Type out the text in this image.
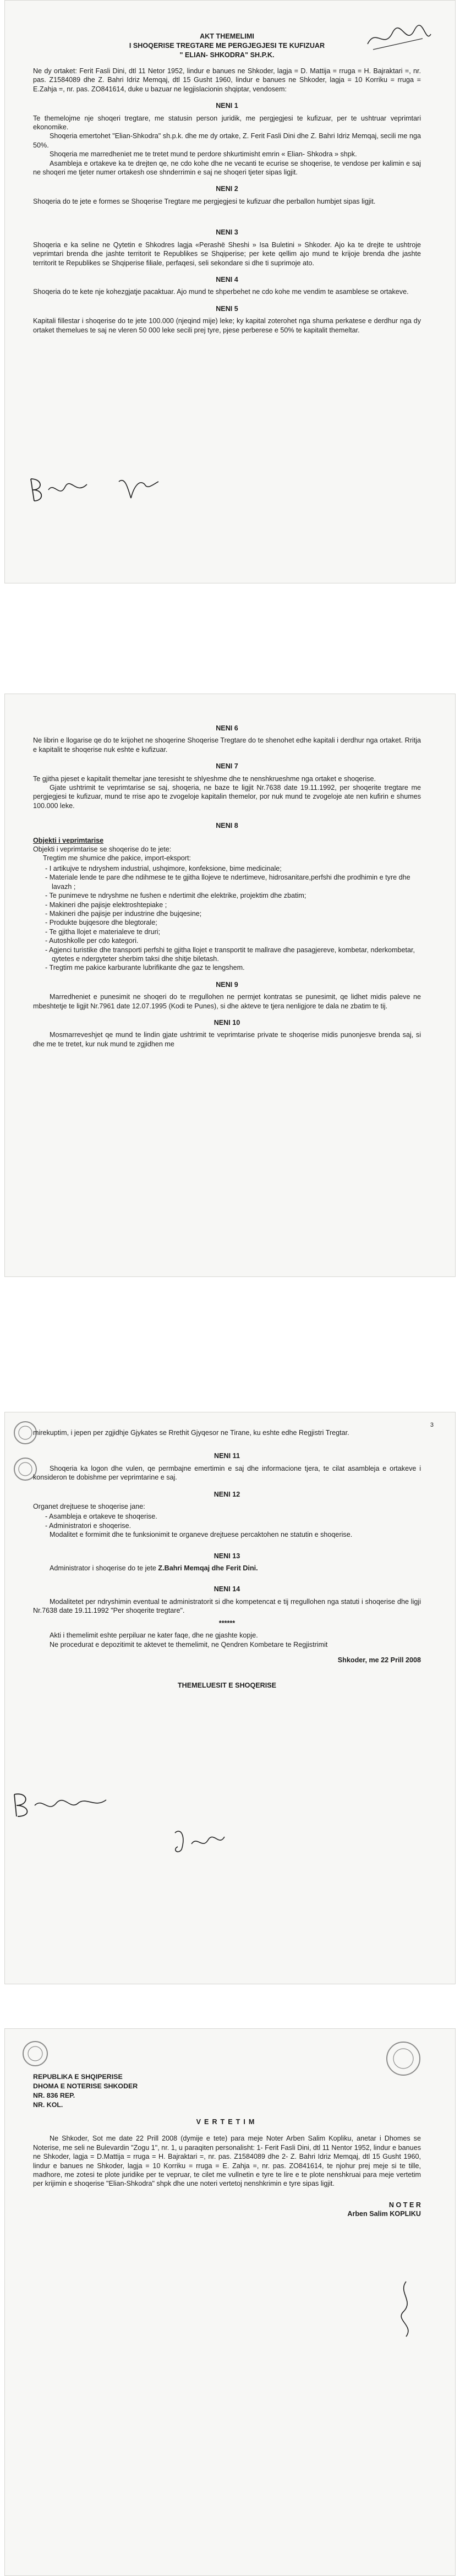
AKT THEMELIMI
I SHOQERISE TREGTARE ME PERGJEGJESI TE KUFIZUAR
" ELIAN- SHKODRA" SH.P.K.

Ne dy ortaket: Ferit Fasli Dini, dtl 11 Netor 1952, lindur e banues ne Shkoder, lagja = D. Mattija = rruga = H. Bajraktari =, nr. pas. Z1584089 dhe Z. Bahri Idriz Memqaj, dtl 15 Gusht 1960, lindur e banues ne Shkoder, lagja = 10 Korriku = rruga = E.Zahja =, nr. pas. ZO841614, duke u bazuar ne legjislacionin shqiptar, vendosem:

NENI 1

Te themelojme nje shoqeri tregtare, me statusin person juridik, me pergjegjesi te kufizuar, per te ushtruar veprimtari ekonomike.

Shoqeria emertohet "Elian-Shkodra" sh.p.k. dhe me dy ortake, Z. Ferit Fasli Dini dhe Z. Bahri Idriz Memqaj, secili me nga 50%.

Shoqeria me marredheniet me te tretet mund te perdore shkurtimisht emrin « Elian- Shkodra » shpk.

Asambleja e ortakeve ka te drejten qe, ne cdo kohe dhe ne vecanti te ecurise se shoqerise, te vendose per kalimin e saj ne shoqeri me tjeter numer ortakesh ose shnderrimin e saj ne shoqeri tjeter sipas ligjit.

NENI 2

Shoqeria do te jete e formes se Shoqerise Tregtare me pergjegjesi te kufizuar dhe perballon humbjet sipas ligjit.

NENI 3

Shoqeria e ka seline ne Qytetin e Shkodres lagja «Perashë Sheshi » Isa Buletini » Shkoder. Ajo ka te drejte te ushtroje veprimtari brenda dhe jashte territorit te Republikes se Shqiperise; per kete qellim ajo mund te krijoje brenda dhe jashte territorit te Republikes se Shqiperise filiale, perfaqesi, seli sekondare si dhe ti suprimoje ato.

NENI 4

Shoqeria do te kete nje kohezgjatje pacaktuar. Ajo mund te shperbehet ne cdo kohe me vendim te asamblese se ortakeve.

NENI 5

Kapitali fillestar i shoqerise do te jete 100.000 (njeqind mije) leke; ky kapital zoterohet nga shuma perkatese e derdhur nga dy ortaket themelues te saj ne vleren 50 000 leke secili prej tyre, pjese perberese e 50% te kapitalit themeltar.

NENI 6

Ne librin e llogarise qe do te krijohet ne shoqerine Shoqerise Tregtare do te shenohet edhe kapitali i derdhur nga ortaket. Rritja e kapitalit te shoqerise nuk eshte e kufizuar.

NENI 7

Te gjitha pjeset e kapitalit themeltar jane teresisht te shlyeshme dhe te nenshkrueshme nga ortaket e shoqerise.

Gjate ushtrimit te veprimtarise se saj, shoqeria, ne baze te ligjit Nr.7638 date 19.11.1992, per shoqerite tregtare me pergjegjesi te kufizuar, mund te rrise apo te zvogeloje kapitalin themelor, por nuk mund te zvogeloje ate nen kufirin e shumes 100.000 leke.

NENI 8
Objekti i veprimtarise

Objekti i veprimtarise se shoqerise do te jete:

Tregtim me shumice dhe pakice, import-eksport:

- I artikujve te ndryshem industrial, ushqimore, konfeksione, bime medicinale;
- Materiale lende te pare dhe ndihmese te te gjitha llojeve te ndertimeve, hidrosanitare,perfshi dhe prodhimin e tyre dhe lavazh ;
- Te punimeve te ndryshme ne fushen e ndertimit dhe elektrike, projektim dhe zbatim;
- Makineri dhe pajisje elektroshtepiake ;
- Makineri dhe pajisje per industrine dhe bujqesine;
- Produkte bujqesore dhe blegtorale;
- Te gjitha llojet e materialeve te druri;
- Autoshkolle per cdo kategori.
- Agjenci turistike dhe transporti perfshi te gjitha llojet e transportit te mallrave dhe pasagjereve, kombetar, nderkombetar, qytetes e ndergyteter sherbim taksi dhe shitje biletash.
- Tregtim me pakice karburante lubrifikante dhe gaz te lengshem.
NENI 9

Marredheniet e punesimit ne shoqeri do te rregullohen ne permjet kontratas se punesimit, qe lidhet midis paleve ne mbeshtetje te ligjit Nr.7961 date 12.07.1995 (Kodi te Punes), si dhe akteve te tjera nenligjore te dala ne zbatim te tij.

NENI 10

Mosmarreveshjet qe mund te lindin gjate ushtrimit te veprimtarise private te shoqerise midis punonjesve brenda saj, si dhe me te tretet, kur nuk mund te zgjidhen me

3

mirekuptim, i jepen per zgjidhje Gjykates se Rrethit Gjyqesor ne Tirane, ku eshte edhe Regjistri Tregtar.

NENI 11

Shoqeria ka logon dhe vulen, qe permbajne emertimin e saj dhe informacione tjera, te cilat asambleja e ortakeve i konsideron te dobishme per veprimtarine e saj.

NENI 12

Organet drejtuese te shoqerise jane:

- Asambleja e ortakeve te shoqerise.
- Administratori e shoqerise.

Modalitet e formimit dhe te funksionimit te organeve drejtuese percaktohen ne statutin e shoqerise.

NENI 13

Administrator i shoqerise do te jete Z.Bahri Memqaj dhe Ferit Dini.

NENI 14

Modalitetet per ndryshimin eventual te administratorit si dhe kompetencat e tij rregullohen nga statuti i shoqerise dhe ligji Nr.7638 date 19.11.1992 "Per shoqerite tregtare".

******

Akti i themelimit eshte perpiluar ne kater faqe, dhe ne gjashte kopje.

Ne procedurat e depozitimit te aktevet te themelimit, ne Qendren Kombetare te Regjistrimit

Shkoder, me 22 Prill 2008
THEMELUESIT E SHOQERISE
REPUBLIKA E SHQIPERISE
DHOMA E NOTERISE SHKODER
NR. 836 REP.
NR. KOL.
VERTETIM

Ne Shkoder, Sot me date 22 Prill 2008 (dymije e tete) para meje Noter Arben Salim Kopliku, anetar i Dhomes se Noterise, me seli ne Bulevardin "Zogu 1", nr. 1, u paraqiten personalisht: 1- Ferit Fasli Dini, dtl 11 Nentor 1952, lindur e banues ne Shkoder, lagja = D.Mattija = rruga = H. Bajraktari =, nr. pas. Z1584089 dhe 2- Z. Bahri Idriz Memqaj, dtl 15 Gusht 1960, lindur e banues ne Shkoder, lagja = 10 Korriku = rruga = E. Zahja =, nr. pas. ZO841614, te njohur prej meje si te tille, madhore, me zotesi te plote juridike per te vepruar, te cilet me vullnetin e tyre te lire e te plote nenshkruai para meje vertetim per krijimin e shoqerise "Elian-Shkodra" shpk dhe une noteri vertetoj nenshkrimin e tyre sipas ligjit.

N O T E R
Arben Salim KOPLIKU
